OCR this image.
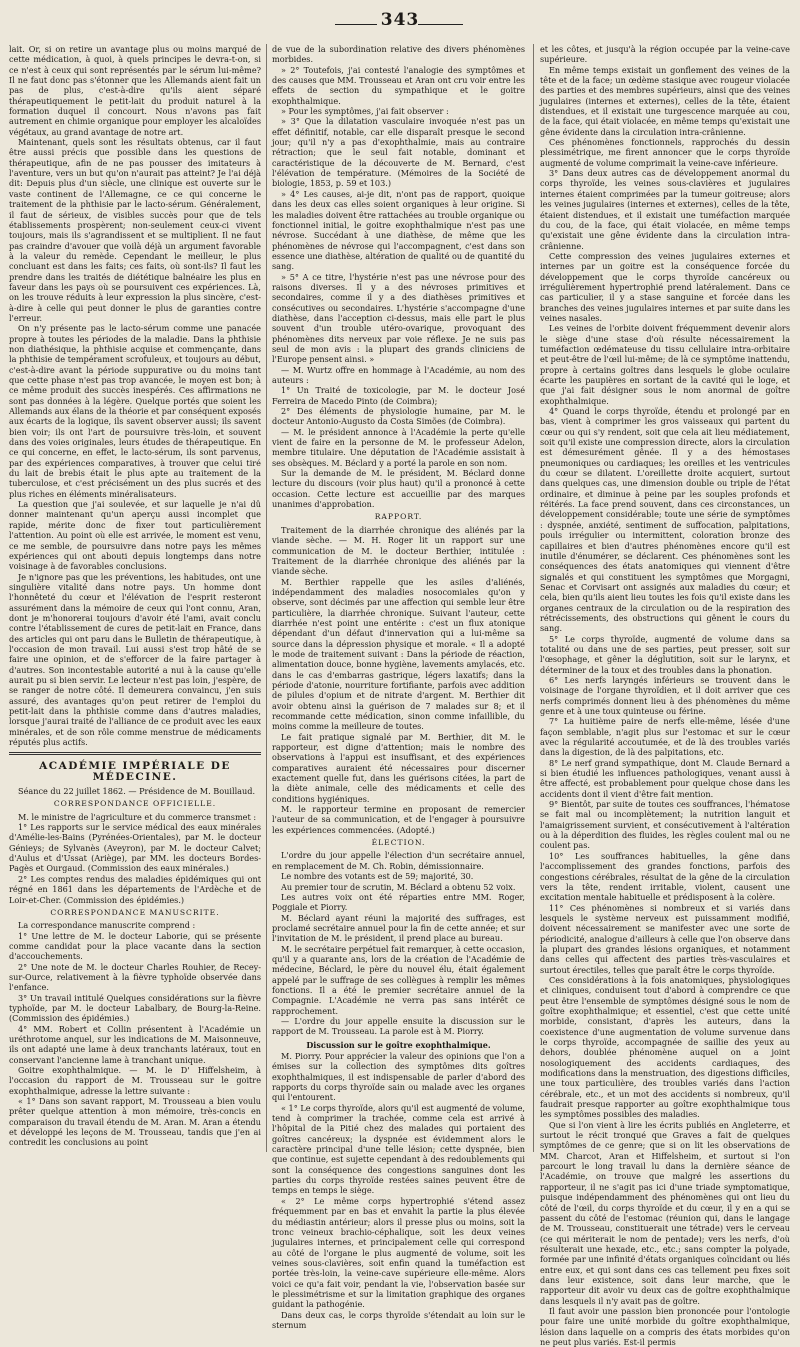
343

lait. Or, si on retire un avantage plus ou moins marqué de cette médication, à quoi, à quels principes le devra-t-on, si ce n'est à ceux qui sont représentés par le sérum lui-même? Il ne faut donc pas s'étonner que les Allemands aient fait un pas de plus, c'est-à-dire qu'ils aient séparé thérapeutiquement le petit-lait du produit naturel à la formation duquel il concourt. Nous n'avons pas fait autrement en chimie organique pour employer les alcaloïdes végétaux, au grand avantage de notre art.

Maintenant, quels sont les résultats obtenus, car il faut être aussi précis que possible dans les questions de thérapeutique, afin de ne pas pousser des imitateurs à l'aventure, vers un but qu'on n'aurait pas atteint? Je l'ai déjà dit: Depuis plus d'un siècle, une clinique est ouverte sur le vaste continent de l'Allemagne, ce ce qui concerne le traitement de la phthisie par le lacto-sérum. Généralement, il faut de sérieux, de visibles succès pour que de tels établissements prospèrent; non-seulement ceux-ci vivent toujours, mais ils s'agrandissent et se multiplient. Il ne faut pas craindre d'avouer que voilà déjà un argument favorable à la valeur du remède. Cependant le meilleur, le plus concluant est dans les faits; ces faits, où sont-ils? Il faut les prendre dans les traités de diététique balnéaire les plus en faveur dans les pays où se poursuivent ces expériences. Là, on les trouve réduits à leur expression la plus sincère, c'est-à-dire à celle qui peut donner le plus de garanties contre l'erreur.

On n'y présente pas le lacto-sérum comme une panacée propre à toutes les périodes de la maladie. Dans la phthisie non diathésique, la phthisie acquise et commençante, dans la phthisie de tempérament scrofuleux, et toujours au début, c'est-à-dire avant la période suppurative ou du moins tant que cette phase n'est pas trop avancée, le moyen est bon; à ce même produit des succès inespérés. Ces affirmations ne sont pas données à la légère. Quelque portés que soient les Allemands aux élans de la théorie et par conséquent exposés aux écarts de la logique, ils savent observer aussi; ils savent bien voir; ils ont l'art de poursuivre très-loin, et souvent dans des voies originales, leurs études de thérapeutique. En ce qui concerne, en effet, le lacto-sérum, ils sont parvenus, par des expériences comparatives, à trouver que celui tiré du lait de brebis était le plus apte au traitement de la tuberculose, et c'est précisément un des plus sucrés et des plus riches en éléments minéralisateurs.

La question que j'ai soulevée, et sur laquelle je n'ai dû donner maintenant qu'un aperçu aussi incomplet que rapide, mérite donc de fixer tout particulièrement l'attention. Au point où elle est arrivée, le moment est venu, ce me semble, de poursuivre dans notre pays les mêmes expériences qui ont abouti depuis longtemps dans notre voisinage à de favorables conclusions.

Je n'ignore pas que les préventions, les habitudes, ont une singulière vitalité dans notre pays. Un homme dont l'honnêteté du cœur et l'élévation de l'esprit resteront assurément dans la mémoire de ceux qui l'ont connu, Aran, dont je m'honorerai toujours d'avoir été l'ami, avait conclu contre l'établissement de cures de petit-lait en France, dans des articles qui ont paru dans le Bulletin de thérapeutique, à l'occasion de mon travail. Lui aussi s'est trop hâté de se faire une opinion, et de s'efforcer de la faire partager à d'autres. Son incontestable autorité a nui à la cause qu'elle aurait pu si bien servir. Le lecteur n'est pas loin, j'espère, de se ranger de notre côté. Il demeurera convaincu, j'en suis assuré, des avantages qu'on peut retirer de l'emploi du petit-lait dans la phthisie comme dans d'autres maladies, lorsque j'aurai traité de l'alliance de ce produit avec les eaux minérales, et de son rôle comme menstrue de médicaments réputés plus actifs.

ACADÉMIE IMPÉRIALE DE MÉDECINE.

Séance du 22 juillet 1862. — Présidence de M. Bouillaud.

CORRESPONDANCE OFFICIELLE.

M. le ministre de l'agriculture et du commerce transmet :

1° Les rapports sur le service médical des eaux minérales d'Amélie-les-Bains (Pyrénées-Orientales), par M. le docteur Génieys; de Sylvanès (Aveyron), par M. le docteur Calvet; d'Aulus et d'Ussat (Ariège), par MM. les docteurs Bordes-Pagès et Ourgaud. (Commission des eaux minérales.)

2° Les comptes rendus des maladies épidémiques qui ont régné en 1861 dans les départements de l'Ardèche et de Loir-et-Cher. (Commission des épidémies.)

CORRESPONDANCE MANUSCRITE.

La correspondance manuscrite comprend :

1° Une lettre de M. le docteur Laborie, qui se présente comme candidat pour la place vacante dans la section d'accouchements.

2° Une note de M. le docteur Charles Rouhier, de Recey-sur-Ource, relativement à la fièvre typhoïde observée dans l'enfance.

3° Un travail intitulé Quelques considérations sur la fièvre typhoïde, par M. le docteur Labalbary, de Bourg-la-Reine. (Commission des épidémies.)

4° MM. Robert et Collin présentent à l'Académie un uréthrotome anquel, sur les indications de M. Maisonneuve, ils ont adapté une lame à deux tranchants latéraux, tout en conservant l'ancienne lame à tranchant unique.

Goitre exophthalmique. — M. le D' Hiffelsheim, à l'occasion du rapport de M. Trousseau sur le goitre exophthalmique, adresse la lettre suivante :

« 1° Dans son savant rapport, M. Trousseau a bien voulu prêter quelque attention à mon mémoire, très-concis en comparaison du travail étendu de M. Aran. M. Aran a étendu et développé les leçons de M. Trousseau, tandis que j'en ai contredit les conclusions au point

de vue de la subordination relative des divers phénomènes morbides.

» 2° Toutefois, j'ai contesté l'analogie des symptômes et des causes que MM. Trousseau et Aran ont cru voir entre les effets de section du sympathique et le goitre exophthalmique.

» Pour les symptômes, j'ai fait observer :

» 3° Que la dilatation vasculaire invoquée n'est pas un effet définitif, notable, car elle disparaît presque le second jour; qu'il n'y a pas d'exophthalmie, mais au contraire rétraction; que le seul fait notable, dominant et caractéristique de la découverte de M. Bernard, c'est l'élévation de température. (Mémoires de la Société de biologie, 1853, p. 59 et 103.)

» 4° Les causes, ai-je dit, n'ont pas de rapport, quoique dans les deux cas elles soient organiques à leur origine. Si les maladies doivent être rattachées au trouble organique ou fonctionnel initial, le goitre exophthalmique n'est pas une névrose. Succédant à une diathèse, de même que les phénomènes de névrose qui l'accompagnent, c'est dans son essence une diathèse, altération de qualité ou de quantité du sang.

» 5° A ce titre, l'hystérie n'est pas une névrose pour des raisons diverses. Il y a des névroses primitives et secondaires, comme il y a des diathèses primitives et consécutives ou secondaires. L'hystérie s'accompagne d'une diathèse, dans l'acception ci-dessus, mais elle part le plus souvent d'un trouble utéro-ovarique, provoquant des phénomènes dits nerveux par voie réflexe. Je ne suis pas seul de mon avis : la plupart des grands cliniciens de l'Europe pensent ainsi. »

— M. Wurtz offre en hommage à l'Académie, au nom des auteurs :

1° Un Traité de toxicologie, par M. le docteur José Ferreira de Macedo Pinto (de Coimbra);

2° Des éléments de physiologie humaine, par M. le docteur Antonio-Augusto da Costa Simões (de Coimbra).

— M. le président annonce à l'Académie la perte qu'elle vient de faire en la personne de M. le professeur Adelon, membre titulaire. Une députation de l'Académie assistait à ses obsèques. M. Béclard y a porté la parole en son nom.

Sur la demande de M. le président, M. Béclard donne lecture du discours (voir plus haut) qu'il a prononcé à cette occasion. Cette lecture est accueillie par des marques unanimes d'approbation.

RAPPORT.

Traitement de la diarrhée chronique des aliénés par la viande sèche. — M. H. Roger lit un rapport sur une communication de M. le docteur Berthier, intitulée : Traitement de la diarrhée chronique des aliénés par la viande sèche.

M. Berthier rappelle que les asiles d'aliénés, indépendamment des maladies nosocomiales qu'on y observe, sont décimés par une affection qui semble leur être particulière, la diarrhée chronique. Suivant l'auteur, cette diarrhée n'est point une entérite : c'est un flux atonique dépendant d'un défaut d'innervation qui a lui-même sa source dans la dépression physique et morale. « Il a adopté le mode de traitement suivant : Dans la période de réaction, alimentation douce, bonne hygiène, lavements amylacés, etc. dans le cas d'embarras gastrique, légers laxatifs; dans la période d'atonie, nourriture fortifiante, parfois avec addition de pilules d'opium et de nitrate d'argent. M. Berthier dit avoir obtenu ainsi la guérison de 7 malades sur 8; et il recommande cette médication, sinon comme infaillible, du moins comme la meilleure de toutes.

Le fait pratique signalé par M. Berthier, dit M. le rapporteur, est digne d'attention; mais le nombre des observations à l'appui est insuffisant, et des expériences comparatives auraient été nécessaires pour discerner exactement quelle fut, dans les guérisons citées, la part de la diète animale, celle des médicaments et celle des conditions hygiéniques.

M. le rapporteur termine en proposant de remercier l'auteur de sa communication, et de l'engager à poursuivre les expériences commencées. (Adopté.)

ÉLECTION.

L'ordre du jour appelle l'élection d'un secrétaire annuel, en remplacement de M. Ch. Robin, démissionnaire.

Le nombre des votants est de 59; majorité, 30.

Au premier tour de scrutin, M. Béclard a obtenu 52 voix.

Les autres voix ont été réparties entre MM. Roger, Poggiale et Piorry.

M. Béclard ayant réuni la majorité des suffrages, est proclamé secrétaire annuel pour la fin de cette année; et sur l'invitation de M. le président, il prend place au bureau.

M. le secrétaire perpétuel fait remarquer, à cette occasion, qu'il y a quarante ans, lors de la création de l'Académie de médecine, Béclard, le père du nouvel élu, était également appelé par le suffrage de ses collègues à remplir les mêmes fonctions. Il a été le premier secrétaire annuel de la Compagnie. L'Académie ne verra pas sans intérêt ce rapprochement.

— L'ordre du jour appelle ensuite la discussion sur le rapport de M. Trousseau. La parole est à M. Piorry.

Discussion sur le goître exophthalmique.

M. Piorry. Pour apprécier la valeur des opinions que l'on a émises sur la collection des symptômes dits goîtres exophthalmiques, il est indispensable de parler d'abord des rapports du corps thyroïde sain ou malade avec les organes qui l'entourent.

« 1° Le corps thyroïde, alors qu'il est augmenté de volume, tend à comprimer la trachée, comme cela est arrivé à l'hôpital de la Pitié chez des malades qui portaient des goîtres cancéreux; la dyspnée est évidemment alors le caractère principal d'une telle lésion; cette dyspnée, bien que continue, est sujette cependant à des redoublements qui sont la conséquence des congestions sanguines dont les parties du corps thyroïde restées saines peuvent être de temps en temps le siège.

« 2° Le même corps hypertrophié s'étend assez fréquemment par en bas et envahit la partie la plus élevée du médiastin antérieur; alors il presse plus ou moins, soit la tronc veineux brachio-céphalique, soit les deux veines jugulaires internes, et principalement celle qui correspond au côté de l'organe le plus augmenté de volume, soit les veines sous-clavières, soit enfin quand la tuméfaction est portée très-loin, la veine-cave supérieure elle-même. Alors voici ce qu'a fait voir, pendant la vie, l'observation basée sur le plessimétrisme et sur la limitation graphique des organes guidant la pathogénie.

Dans deux cas, le corps thyroïde s'étendait au loin sur le sternum

et les côtes, et jusqu'à la région occupée par la veine-cave supérieure.

En même temps existait un gonflement des veines de la tête et de la face; un œdème stasique avec rougeur violacée des parties et des membres supérieurs, ainsi que des veines jugulaires (internes et externes), celles de la tête, étaient distendues, et il existait une turgescence marquée au cou, de la face, qui était violacée, en même temps qu'existait une gêne évidente dans la circulation intra-crânienne.

Ces phénomènes fonctionnels, rapprochés du dessin plessimétrique, me firent annoncer que le corps thyroïde augmenté de volume comprimait la veine-cave inférieure.

3° Dans deux autres cas de développement anormal du corps thyroïde, les veines sous-clavières et jugulaires internes étaient comprimées par la tumeur goitreuse; alors les veines jugulaires (internes et externes), celles de la tête, étaient distendues, et il existait une tuméfaction marquée du cou, de la face, qui était violacée, en même temps qu'existait une gêne évidente dans la circulation intra-crânienne.

Cette compression des veines jugulaires externes et internes par un goitre est la conséquence forcée du développement que le corps thyroïde cancéreux ou irrégulièrement hypertrophié prend latéralement. Dans ce cas particulier, il y a stase sanguine et forcée dans les branches des veines jugulaires internes et par suite dans les veines nasales.

Les veines de l'orbite doivent fréquemment devenir alors le siège d'une stase d'où résulte nécessairement la tuméfaction œdémateuse du tissu cellulaire intra-orbitaire et peut-être de l'œil lui-même; de là ce symptôme inattendu, propre à certains goîtres dans lesquels le globe oculaire écarte les paupières en sortant de la cavité qui le loge, et que j'ai fait désigner sous le nom anormal de goître exophthalmique.

4° Quand le corps thyroïde, étendu et prolongé par en bas, vient à comprimer les gros vaisseaux qui partent du cœur ou qui s'y rendent, soit que cela ait lieu médiatement, soit qu'il existe une compression directe, alors la circulation est démesurément gênée. Il y a des hémostases pneumoniques ou cardiaques; les oreilles et les ventricules du cœur se dilatent. L'oreillette droite acquiert, surtout dans quelques cas, une dimension double ou triple de l'état ordinaire, et diminue à peine par les souples profonds et réitérés. La face prend souvent, dans ces circonstances, un développement considérable; toute une série de symptômes : dyspnée, anxiété, sentiment de suffocation, palpitations, pouls irrégulier ou intermittent, coloration bronze des capillaires et bien d'autres phénomènes encore qu'il est inutile d'énumérer, se déclarent. Ces phénomènes sont les conséquences des états anatomiques qui viennent d'être signalés et qui constituent les symptômes que Morgagni, Senac et Corvisart ont assignés aux maladies du cœur; et cela, bien qu'ils aient lieu toutes les fois qu'il existe dans les organes centraux de la circulation ou de la respiration des rétrécissements, des obstructions qui gênent le cours du sang.

5° Le corps thyroïde, augmenté de volume dans sa totalité ou dans une de ses parties, peut presser, soit sur l'œsophage, et gêner la déglutition, soit sur le larynx, et déterminer de la toux et des troubles dans la phonation.

6° Les nerfs laryngés inférieurs se trouvent dans le voisinage de l'organe thyroïdien, et il doit arriver que ces nerfs comprimés donnent lieu à des phénomènes du même genre et à une toux quinteuse ou férine.

7° La huitième paire de nerfs elle-même, lésée d'une façon semblable, n'agit plus sur l'estomac et sur le cœur avec la régularité accoutumée, et de là des troubles variés dans la digestion, de là des palpitations, etc.

8° Le nerf grand sympathique, dont M. Claude Bernard a si bien étudié les influences pathologiques, venant aussi à être affecté, est probablement pour quelque chose dans les accidents dont il vient d'être fait mention.

9° Bientôt, par suite de toutes ces souffrances, l'hématose se fait mal ou incomplètement; la nutrition languit et l'amaigrissement survient, et consécutivement à l'altération ou à la déperdition des fluides, les règles coulent mal ou ne coulent pas.

10° Les souffrances habituelles, la gêne dans l'accomplissement des grandes fonctions, parfois des congestions cérébrales, résultat de la gêne de la circulation vers la tête, rendent irritable, violent, causent une excitation mentale habituelle et prédisposent à la colère.

11° Ces phénomènes si nombreux et si variés dans lesquels le système nerveux est puissamment modifié, doivent nécessairement se manifester avec une sorte de périodicité, analogue d'ailleurs à celle que l'on observe dans la plupart des grandes lésions organiques, et notamment dans celles qui affectent des parties très-vasculaires et surtout érectiles, telles que paraît être le corps thyroïde.

Ces considérations à la fois anatomiques, physiologiques et cliniques, conduisent tout d'abord à comprendre ce que peut être l'ensemble de symptômes désigné sous le nom de goître exophthalmique; et essentiel, c'est que cette unité morbide, consistant, d'après les auteurs, dans la coexistence d'une augmentation de volume survenue dans le corps thyroïde, accompagnée de saillie des yeux au dehors, doublée phénomène auquel on a joint nosologiquement des accidents cardiaques, des modifications dans la menstruation, des digestions difficiles, une toux particulière, des troubles variés dans l'action cérébrale, etc., et un mot des accidents si nombreux, qu'il faudrait presque rapporter au goître exophthalmique tous les symptômes possibles des maladies.

Que si l'on vient à lire les écrits publiés en Angleterre, et surtout le récit tronqué que Graves a fait de quelques symptômes de ce genre; que si on lit les observations de MM. Charcot, Aran et Hiffelsheim, et surtout si l'on parcourt le long travail lu dans la dernière séance de l'Académie, on trouve que malgré les assertions du rapporteur, il ne s'agit pas ici d'une triade symptomatique, puisque indépendamment des phénomènes qui ont lieu du côté de l'œil, du corps thyroïde et du cœur, il y en a qui se passent du côté de l'estomac (réunion qui, dans le langage de M. Trousseau, constituerait une tétrade) vers le cerveau (ce qui mériterait le nom de pentade); vers les nerfs, d'où résulterait une hexade, etc., etc.; sans compter la polyade, formée par une infinité d'états organiques coïncidant ou liés entre eux, et qui sont dans ces cas tellement peu fixes soit dans leur existence, soit dans leur marche, que le rapporteur dit avoir vu deux cas de goître exophthalmique dans lesquels il n'y avait pas de goître.

Il faut avoir une passion bien prononcée pour l'ontologie pour faire une unité morbide du goître exophthalmique, lésion dans laquelle on a compris des états morbides qu'on ne peut plus variés. Est-il permis
